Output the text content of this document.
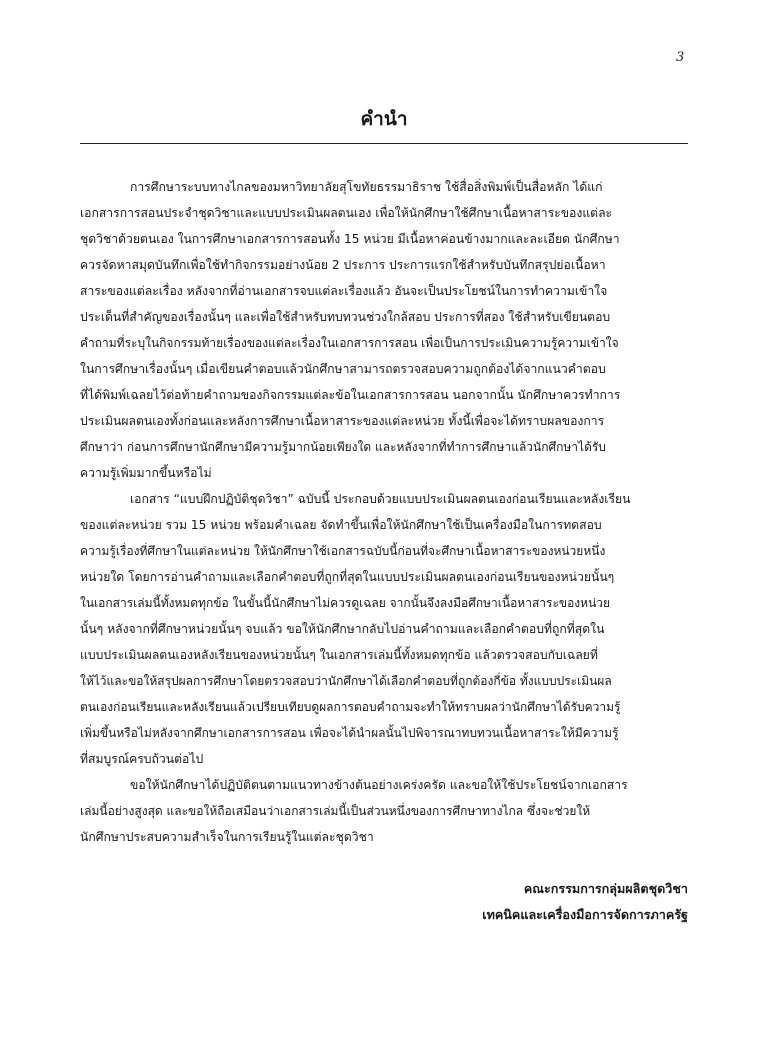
3
คำนำ
การศึกษาระบบทางไกลของมหาวิทยาลัยสุโขทัยธรรมาธิราช ใช้สื่อสิ่งพิมพ์เป็นสื่อหลัก ได้แก่
เอกสารการสอนประจำชุดวิชาและแบบประเมินผลตนเอง เพื่อให้นักศึกษาใช้ศึกษาเนื้อหาสาระของแต่ละ
ชุดวิชาด้วยตนเอง ในการศึกษาเอกสารการสอนทั้ง 15 หน่วย มีเนื้อหาค่อนข้างมากและละเอียด นักศึกษา
ควรจัดหาสมุดบันทึกเพื่อใช้ทำกิจกรรมอย่างน้อย 2 ประการ ประการแรกใช้สำหรับบันทึกสรุปย่อเนื้อหา
สาระของแต่ละเรื่อง หลังจากที่อ่านเอกสารจบแต่ละเรื่องแล้ว อันจะเป็นประโยชน์ในการทำความเข้าใจ
ประเด็นที่สำคัญของเรื่องนั้นๆ และเพื่อใช้สำหรับทบทวนช่วงใกล้สอบ ประการที่สอง ใช้สำหรับเขียนตอบ
คำถามที่ระบุในกิจกรรมท้ายเรื่องของแต่ละเรื่องในเอกสารการสอน เพื่อเป็นการประเมินความรู้ความเข้าใจ
ในการศึกษาเรื่องนั้นๆ เมื่อเขียนคำตอบแล้วนักศึกษาสามารถตรวจสอบความถูกต้องได้จากแนวคำตอบ
ที่ได้พิมพ์เฉลยไว้ต่อท้ายคำถามของกิจกรรมแต่ละข้อในเอกสารการสอน นอกจากนั้น นักศึกษาควรทำการ
ประเมินผลตนเองทั้งก่อนและหลังการศึกษาเนื้อหาสาระของแต่ละหน่วย ทั้งนี้เพื่อจะได้ทราบผลของการ
ศึกษาว่า ก่อนการศึกษานักศึกษามีความรู้มากน้อยเพียงใด และหลังจากที่ทำการศึกษาแล้วนักศึกษาได้รับ
ความรู้เพิ่มมากขึ้นหรือไม่
เอกสาร “แบบฝึกปฏิบัติชุดวิชา” ฉบับนี้ ประกอบด้วยแบบประเมินผลตนเองก่อนเรียนและหลังเรียน
ของแต่ละหน่วย รวม 15 หน่วย พร้อมคำเฉลย จัดทำขึ้นเพื่อให้นักศึกษาใช้เป็นเครื่องมือในการทดสอบ
ความรู้เรื่องที่ศึกษาในแต่ละหน่วย ให้นักศึกษาใช้เอกสารฉบับนี้ก่อนที่จะศึกษาเนื้อหาสาระของหน่วยหนึ่ง
หน่วยใด โดยการอ่านคำถามและเลือกคำตอบที่ถูกที่สุดในแบบประเมินผลตนเองก่อนเรียนของหน่วยนั้นๆ
ในเอกสารเล่มนี้ทั้งหมดทุกข้อ ในขั้นนี้นักศึกษาไม่ควรดูเฉลย จากนั้นจึงลงมือศึกษาเนื้อหาสาระของหน่วย
นั้นๆ หลังจากที่ศึกษาหน่วยนั้นๆ จบแล้ว ขอให้นักศึกษากลับไปอ่านคำถามและเลือกคำตอบที่ถูกที่สุดใน
แบบประเมินผลตนเองหลังเรียนของหน่วยนั้นๆ ในเอกสารเล่มนี้ทั้งหมดทุกข้อ แล้วตรวจสอบกับเฉลยที่
ให้ไว้และขอให้สรุปผลการศึกษาโดยตรวจสอบว่านักศึกษาได้เลือกคำตอบที่ถูกต้องกี่ข้อ ทั้งแบบประเมินผล
ตนเองก่อนเรียนและหลังเรียนแล้วเปรียบเทียบดูผลการตอบคำถามจะทำให้ทราบผลว่านักศึกษาได้รับความรู้
เพิ่มขึ้นหรือไม่หลังจากศึกษาเอกสารการสอน เพื่อจะได้นำผลนั้นไปพิจารณาทบทวนเนื้อหาสาระให้มีความรู้
ที่สมบูรณ์ครบถ้วนต่อไป
ขอให้นักศึกษาได้ปฏิบัติตนตามแนวทางข้างต้นอย่างเคร่งครัด และขอให้ใช้ประโยชน์จากเอกสาร
เล่มนี้อย่างสูงสุด และขอให้ถือเสมือนว่าเอกสารเล่มนี้เป็นส่วนหนึ่งของการศึกษาทางไกล ซึ่งจะช่วยให้
นักศึกษาประสบความสำเร็จในการเรียนรู้ในแต่ละชุดวิชา
คณะกรรมการกลุ่มผลิตชุดวิชา
เทคนิคและเครื่องมือการจัดการภาครัฐ
